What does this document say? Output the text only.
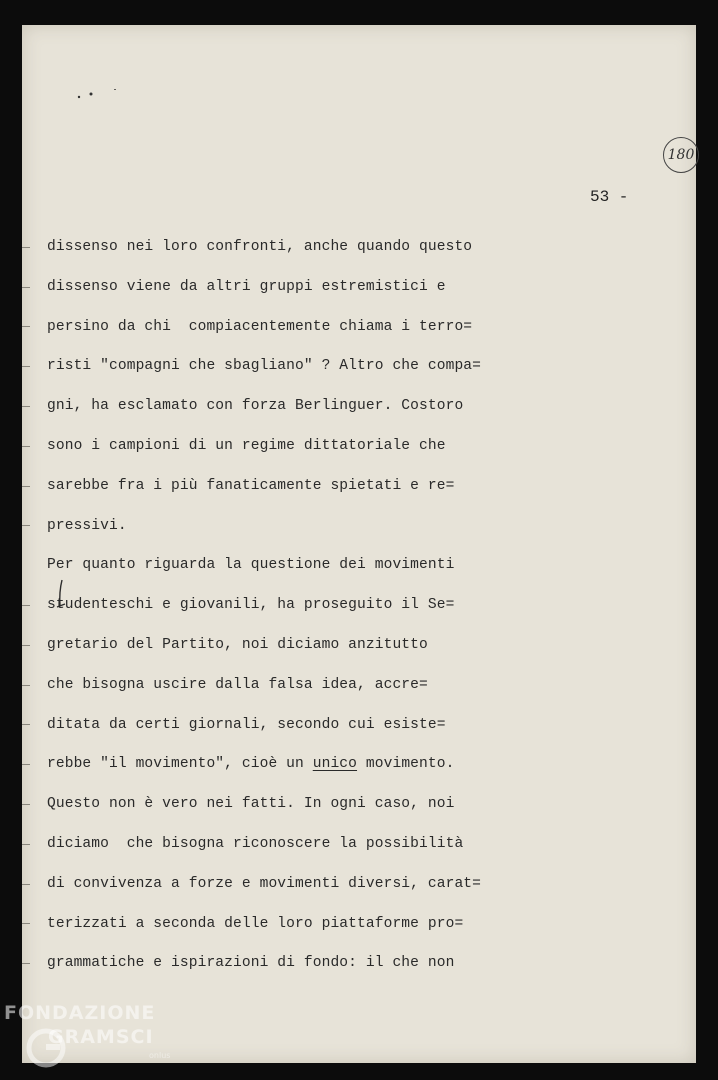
180
53 -
dissenso nei loro confronti, anche quando questo
dissenso viene da altri gruppi estremistici e
persino da chi  compiacentemente chiama i terro=
risti "compagni che sbagliano" ? Altro che compa=
gni, ha esclamato con forza Berlinguer. Costoro
sono i campioni di un regime dittatoriale che
sarebbe fra i più fanaticamente spietati e re=
pressivi.
Per quanto riguarda la questione dei movimenti
studenteschi e giovanili, ha proseguito il Se=
gretario del Partito, noi diciamo anzitutto
che bisogna uscire dalla falsa idea, accre=
ditata da certi giornali, secondo cui esiste=
rebbe "il movimento", cioè un unico movimento.
Questo non è vero nei fatti. In ogni caso, noi
diciamo  che bisogna riconoscere la possibilità
di convivenza a forze e movimenti diversi, carat=
terizzati a seconda delle loro piattaforme pro=
grammatiche e ispirazioni di fondo: il che non
FONDAZIONE
GRAMSCI
onlus
